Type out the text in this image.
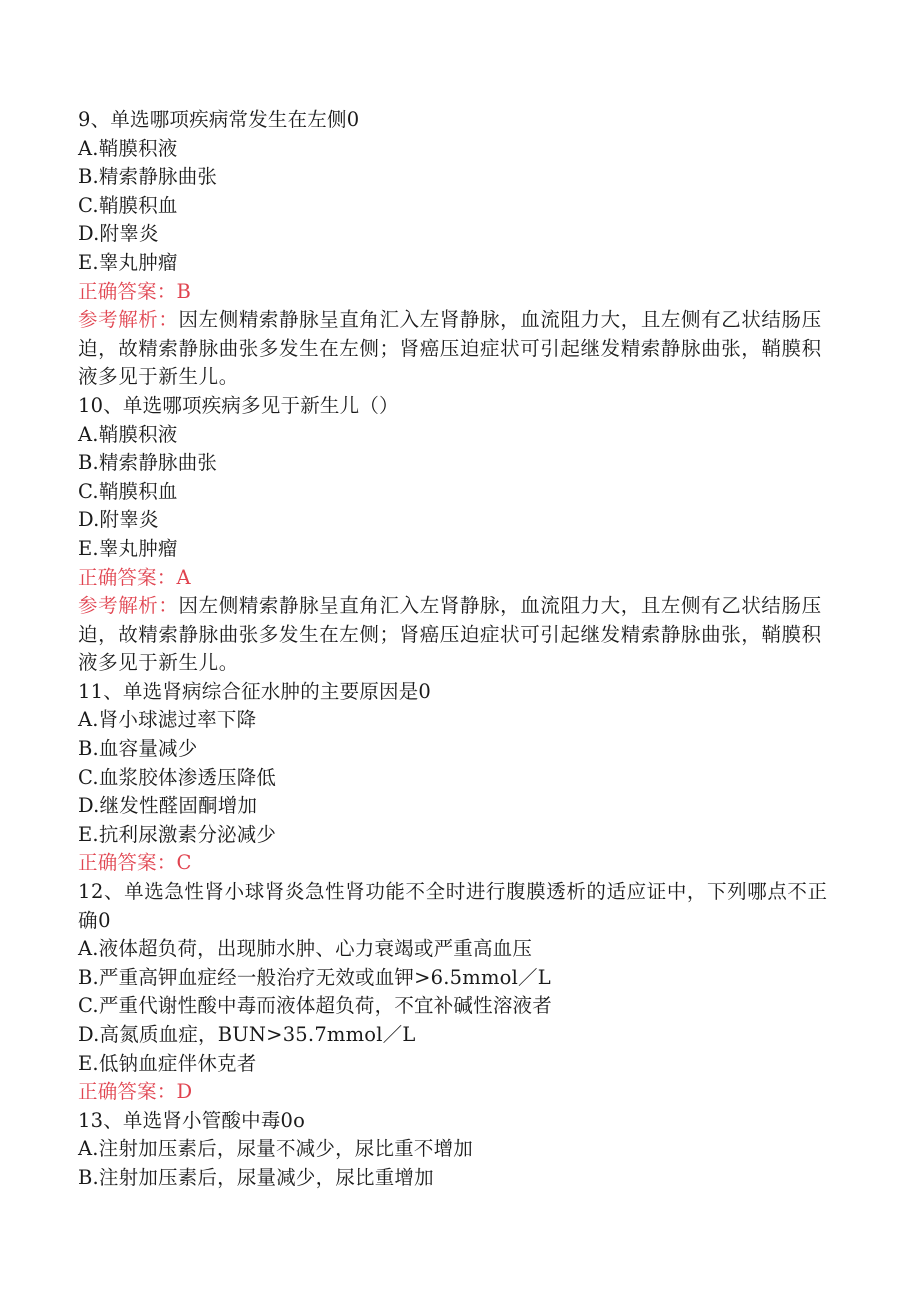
9、单选哪项疾病常发生在左侧0
A.鞘膜积液
B.精索静脉曲张
C.鞘膜积血
D.附睾炎
E.睾丸肿瘤
正确答案：B
参考解析：因左侧精索静脉呈直角汇入左肾静脉，血流阻力大，且左侧有乙状结肠压迫，故精索静脉曲张多发生在左侧；肾癌压迫症状可引起继发精索静脉曲张，鞘膜积液多见于新生儿。
10、单选哪项疾病多见于新生儿（）
A.鞘膜积液
B.精索静脉曲张
C.鞘膜积血
D.附睾炎
E.睾丸肿瘤
正确答案：A
参考解析：因左侧精索静脉呈直角汇入左肾静脉，血流阻力大，且左侧有乙状结肠压迫，故精索静脉曲张多发生在左侧；肾癌压迫症状可引起继发精索静脉曲张，鞘膜积液多见于新生儿。
11、单选肾病综合征水肿的主要原因是0
A.肾小球滤过率下降
B.血容量减少
C.血浆胶体渗透压降低
D.继发性醛固酮增加
E.抗利尿激素分泌减少
正确答案：C
12、单选急性肾小球肾炎急性肾功能不全时进行腹膜透析的适应证中，下列哪点不正确0
A.液体超负荷，出现肺水肿、心力衰竭或严重高血压
B.严重高钾血症经一般治疗无效或血钾>6.5mmol／L
C.严重代谢性酸中毒而液体超负荷，不宜补碱性溶液者
D.高氮质血症，BUN>35.7mmol／L
E.低钠血症伴休克者
正确答案：D
13、单选肾小管酸中毒0o
A.注射加压素后，尿量不减少，尿比重不增加
B.注射加压素后，尿量减少，尿比重增加
